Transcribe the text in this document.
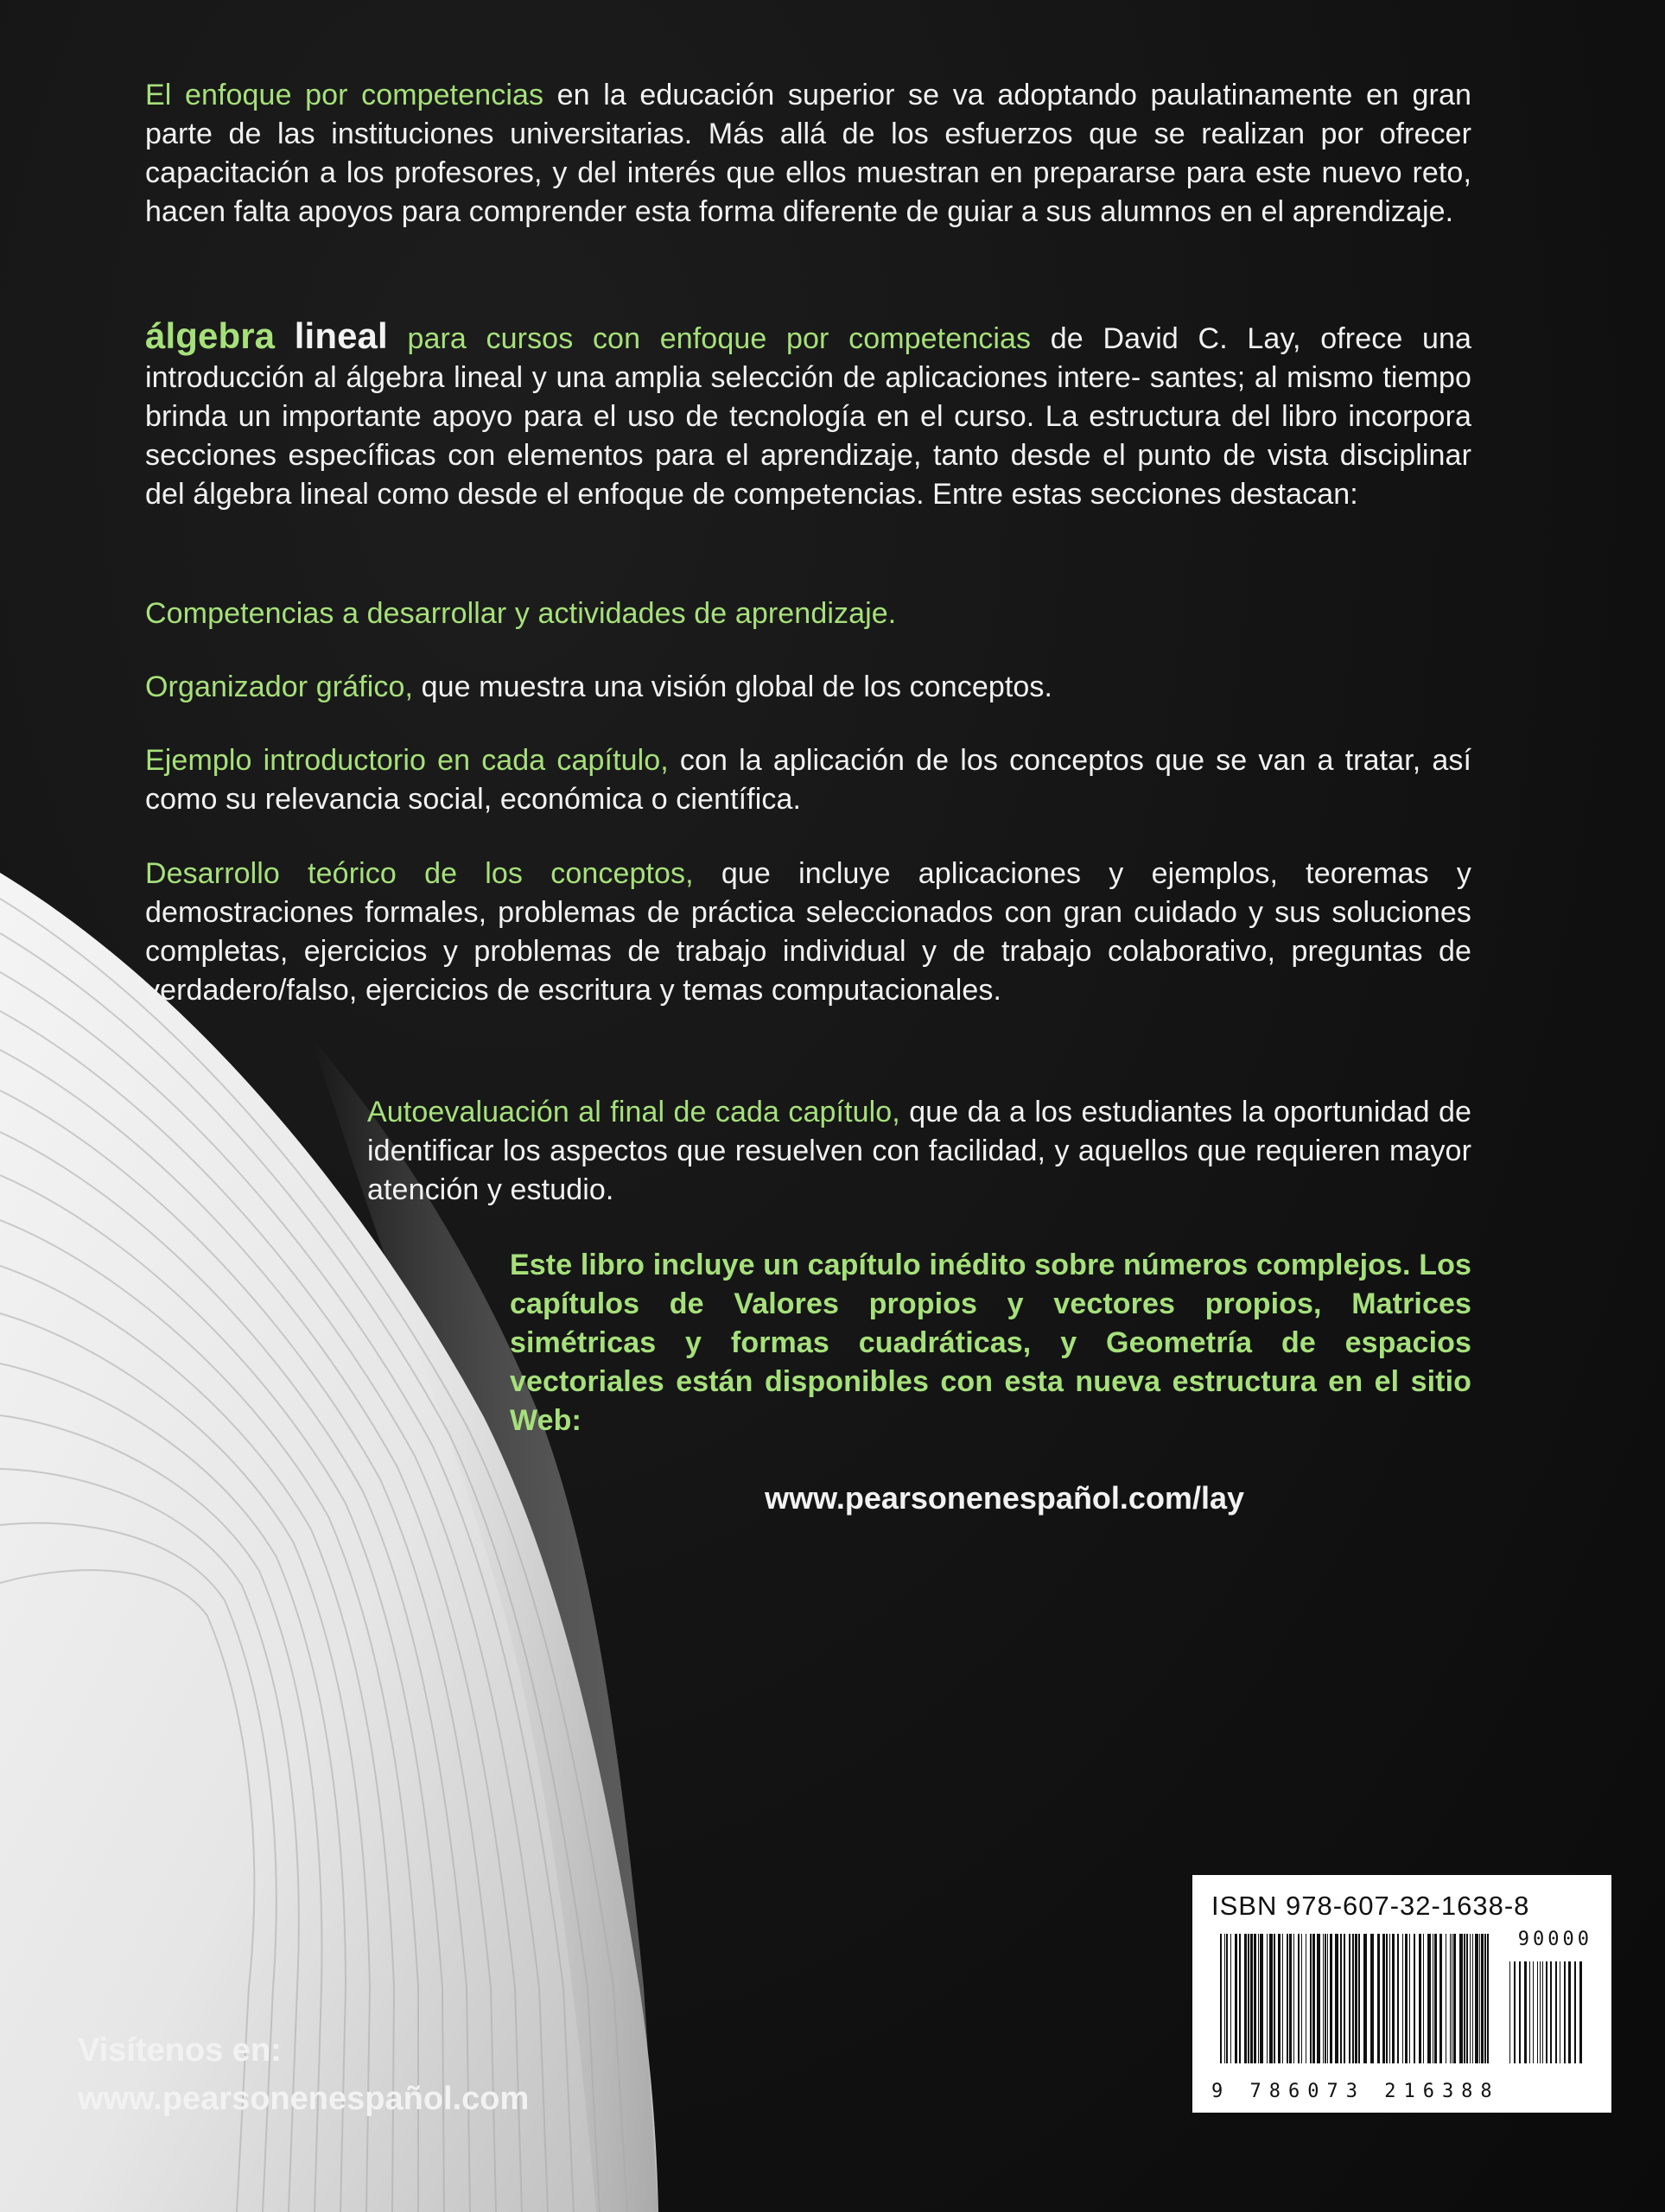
El enfoque por competencias en la educación superior se va adoptando paulatinamente en gran parte de las instituciones universitarias. Más allá de los esfuerzos que se realizan por ofrecer capacitación a los profesores, y del interés que ellos muestran en prepararse para este nuevo reto, hacen falta apoyos para comprender esta forma diferente de guiar a sus alumnos en el aprendizaje.

álgebra lineal para cursos con enfoque por competencias de David C. Lay, ofrece una introducción al álgebra lineal y una amplia selección de aplicaciones intere- santes; al mismo tiempo brinda un importante apoyo para el uso de tecnología en el curso. La estructura del libro incorpora secciones específicas con elementos para el aprendizaje, tanto desde el punto de vista disciplinar del álgebra lineal como desde el enfoque de competencias. Entre estas secciones destacan:

Competencias a desarrollar y actividades de aprendizaje.

Organizador gráfico, que muestra una visión global de los conceptos.

Ejemplo introductorio en cada capítulo, con la aplicación de los conceptos que se van a tratar, así como su relevancia social, económica o científica.

Desarrollo teórico de los conceptos, que incluye aplicaciones y ejemplos, teoremas y demostraciones formales, problemas de práctica seleccionados con gran cuidado y sus soluciones completas, ejercicios y problemas de trabajo individual y de trabajo colaborativo, preguntas de verdadero/falso, ejercicios de escritura y temas computacionales.

Autoevaluación al final de cada capítulo, que da a los estudiantes la oportunidad de identificar los aspectos que resuelven con facilidad, y aquellos que requieren mayor atención y estudio.

Este libro incluye un capítulo inédito sobre números complejos. Los capítulos de Valores propios y vectores propios, Matrices simétricas y formas cuadráticas, y Geometría de espacios vectoriales están disponibles con esta nueva estructura en el sitio Web:

www.pearsonenespañol.com/lay
Visítenos en:
www.pearsonenespañol.com
ISBN 978-607-32-1638-8
90000
9 786073 216388
